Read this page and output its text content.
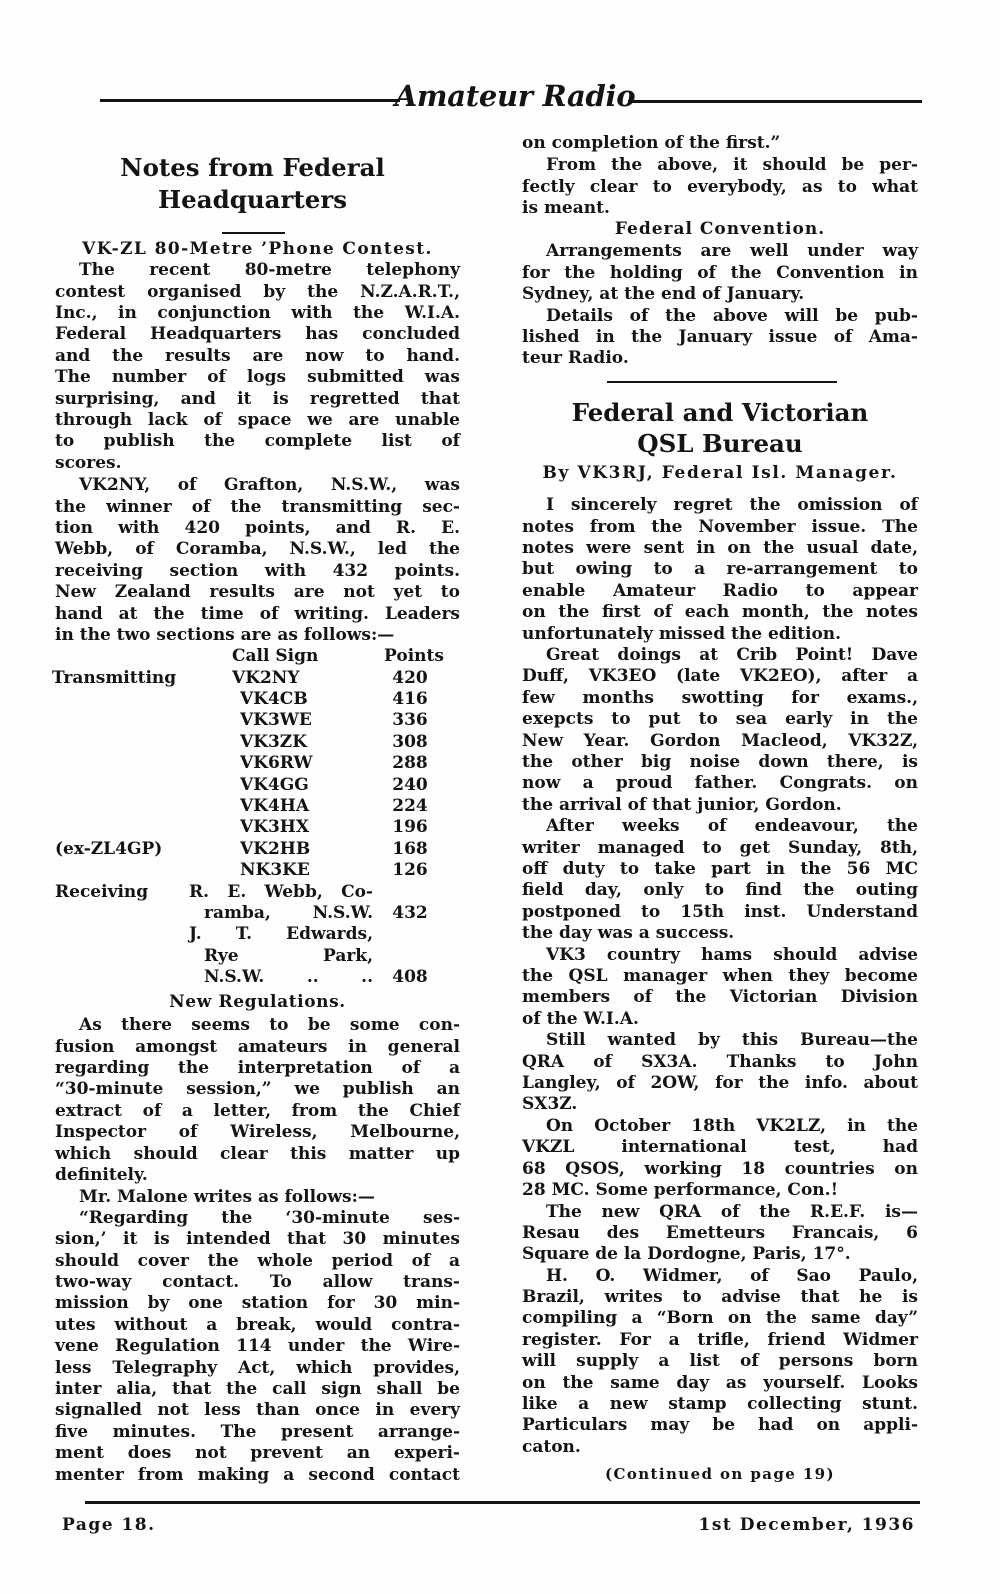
Amateur Radio
Notes from Federal
Headquarters
VK-ZL 80-Metre ’Phone Contest.
The recent 80-metre telephony
contest organised by the N.Z.A.R.T.,
Inc., in conjunction with the W.I.A.
Federal Headquarters has concluded
and the results are now to hand.
The number of logs submitted was
surprising, and it is regretted that
through lack of space we are unable
to publish the complete list of
scores.
VK2NY, of Grafton, N.S.W., was
the winner of the transmitting sec-
tion with 420 points, and R. E.
Webb, of Coramba, N.S.W., led the
receiving section with 432 points.
New Zealand results are not yet to
hand at the time of writing. Leaders
in the two sections are as follows:—
Call Sign	Points
Transmitting	VK2NY	420
VK4CB	416
VK3WE	336
VK3ZK	308
VK6RW	288
VK4GG	240
VK4HA	224
VK3HX	196
(ex-ZL4GP)	VK2HB	168
NK3KE	126
Receiving R. E. Webb, Co-
ramba, N.S.W.	432
J. T. Edwards,
Rye Park,
N.S.W. .. ..	408
New Regulations.
As there seems to be some con-
fusion amongst amateurs in general
regarding the interpretation of a
“30-minute session,” we publish an
extract of a letter, from the Chief
Inspector of Wireless, Melbourne,
which should clear this matter up
definitely.
Mr. Malone writes as follows:—
“Regarding the ‘30-minute ses-
sion,’ it is intended that 30 minutes
should cover the whole period of a
two-way contact. To allow trans-
mission by one station for 30 min-
utes without a break, would contra-
vene Regulation 114 under the Wire-
less Telegraphy Act, which provides,
inter alia, that the call sign shall be
signalled not less than once in every
five minutes. The present arrange-
ment does not prevent an experi-
menter from making a second contact
on completion of the first.”
From the above, it should be per-
fectly clear to everybody, as to what
is meant.
Federal Convention.
Arrangements are well under way
for the holding of the Convention in
Sydney, at the end of January.
Details of the above will be pub-
lished in the January issue of Ama-
teur Radio.
Federal and Victorian
QSL Bureau
By VK3RJ, Federal Isl. Manager.
I sincerely regret the omission of
notes from the November issue. The
notes were sent in on the usual date,
but owing to a re-arrangement to
enable Amateur Radio to appear
on the first of each month, the notes
unfortunately missed the edition.
Great doings at Crib Point! Dave
Duff, VK3EO (late VK2EO), after a
few months swotting for exams.,
exepcts to put to sea early in the
New Year. Gordon Macleod, VK32Z,
the other big noise down there, is
now a proud father. Congrats. on
the arrival of that junior, Gordon.
After weeks of endeavour, the
writer managed to get Sunday, 8th,
off duty to take part in the 56 MC
field day, only to find the outing
postponed to 15th inst. Understand
the day was a success.
VK3 country hams should advise
the QSL manager when they become
members of the Victorian Division
of the W.I.A.
Still wanted by this Bureau—the
QRA of SX3A. Thanks to John
Langley, of 2OW, for the info. about
SX3Z.
On October 18th VK2LZ, in the
VKZL international test, had
68 QSOS, working 18 countries on
28 MC. Some performance, Con.!
The new QRA of the R.E.F. is—
Resau des Emetteurs Francais, 6
Square de la Dordogne, Paris, 17°.
H. O. Widmer, of Sao Paulo,
Brazil, writes to advise that he is
compiling a “Born on the same day”
register. For a trifle, friend Widmer
will supply a list of persons born
on the same day as yourself. Looks
like a new stamp collecting stunt.
Particulars may be had on appli-
caton.
(Continued on page 19)
Page 18.	1st December, 1936
